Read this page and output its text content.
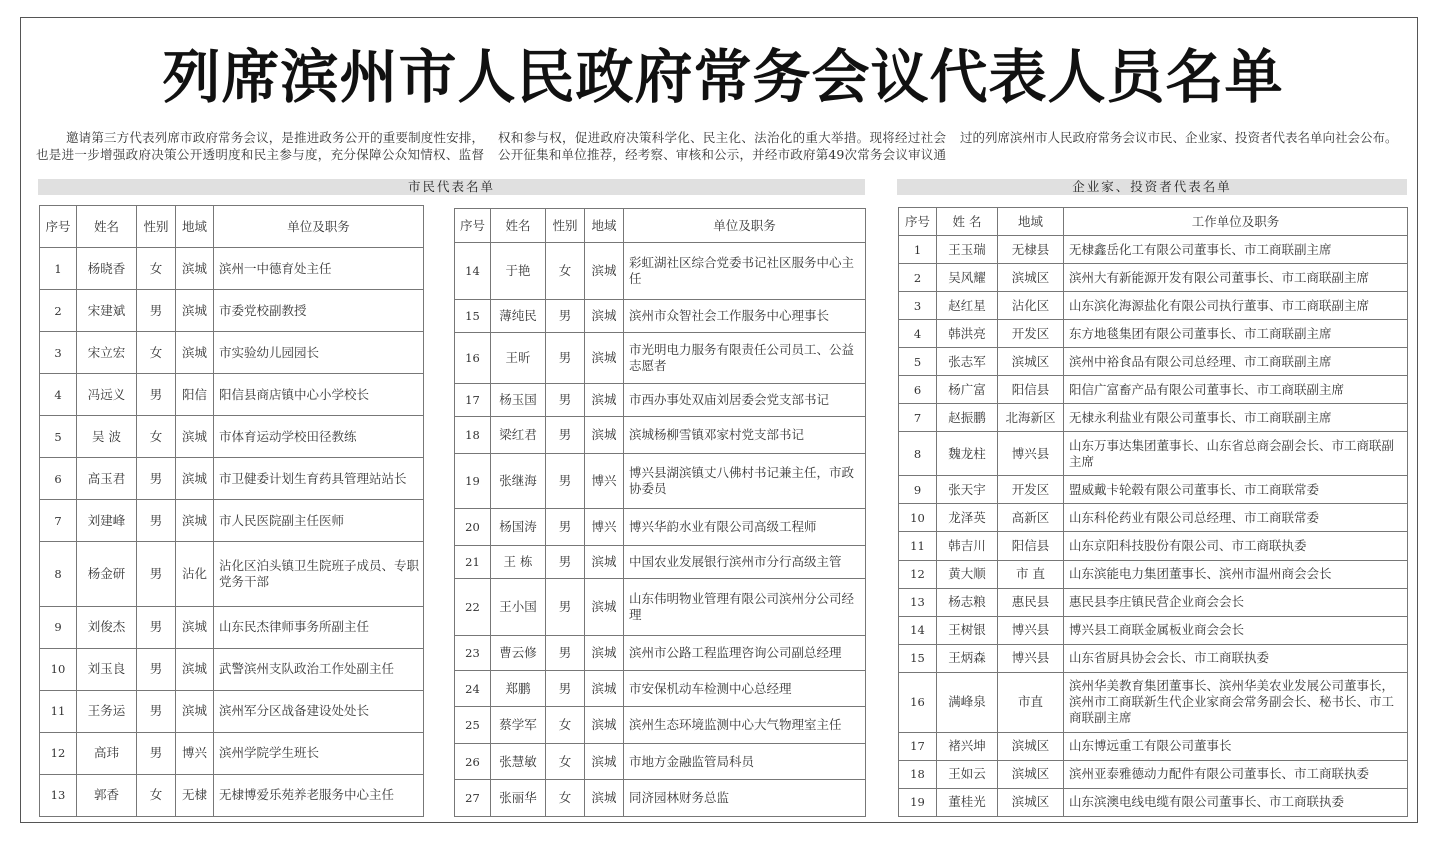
列席滨州市人民政府常务会议代表人员名单

邀请第三方代表列席市政府常务会议，是推进政务公开的重要制度性安排，也是进一步增强政府决策公开透明度和民主参与度，充分保障公众知情权、监督权和参与权，促进政府决策科学化、民主化、法治化的重大举措。现将经过社会公开征集和单位推荐，经考察、审核和公示，并经市政府第49次常务会议审议通过的列席滨州市人民政府常务会议市民、企业家、投资者代表名单向社会公布。

市民代表名单	企业家、投资者代表名单
序号	姓名	性别	地域	单位及职务
1	杨晓香	女	滨城	滨州一中德育处主任
2	宋建斌	男	滨城	市委党校副教授
3	宋立宏	女	滨城	市实验幼儿园园长
4	冯远义	男	阳信	阳信县商店镇中心小学校长
5	吴 波	女	滨城	市体育运动学校田径教练
6	高玉君	男	滨城	市卫健委计划生育药具管理站站长
7	刘建峰	男	滨城	市人民医院副主任医师
8	杨金研	男	沾化	沾化区泊头镇卫生院班子成员、专职党务干部
9	刘俊杰	男	滨城	山东民杰律师事务所副主任
10	刘玉良	男	滨城	武警滨州支队政治工作处副主任
11	王务运	男	滨城	滨州军分区战备建设处处长
12	高玮	男	博兴	滨州学院学生班长
13	郭香	女	无棣	无棣博爱乐苑养老服务中心主任
序号	姓名	性别	地域	单位及职务
14	于艳	女	滨城	彩虹湖社区综合党委书记社区服务中心主任
15	薄纯民	男	滨城	滨州市众智社会工作服务中心理事长
16	王昕	男	滨城	市光明电力服务有限责任公司员工、公益志愿者
17	杨玉国	男	滨城	市西办事处双庙刘居委会党支部书记
18	梁红君	男	滨城	滨城杨柳雪镇邓家村党支部书记
19	张继海	男	博兴	博兴县湖滨镇丈八佛村书记兼主任，市政协委员
20	杨国涛	男	博兴	博兴华韵水业有限公司高级工程师
21	王 栋	男	滨城	中国农业发展银行滨州市分行高级主管
22	王小国	男	滨城	山东伟明物业管理有限公司滨州分公司经理
23	曹云修	男	滨城	滨州市公路工程监理咨询公司副总经理
24	郑鹏	男	滨城	市安保机动车检测中心总经理
25	蔡学军	女	滨城	滨州生态环境监测中心大气物理室主任
26	张慧敏	女	滨城	市地方金融监管局科员
27	张丽华	女	滨城	同济园林财务总监
序号	姓 名	地域	工作单位及职务
1	王玉瑞	无棣县	无棣鑫岳化工有限公司董事长、市工商联副主席
2	吴风耀	滨城区	滨州大有新能源开发有限公司董事长、市工商联副主席
3	赵红星	沾化区	山东滨化海源盐化有限公司执行董事、市工商联副主席
4	韩洪亮	开发区	东方地毯集团有限公司董事长、市工商联副主席
5	张志军	滨城区	滨州中裕食品有限公司总经理、市工商联副主席
6	杨广富	阳信县	阳信广富畜产品有限公司董事长、市工商联副主席
7	赵振鹏	北海新区	无棣永利盐业有限公司董事长、市工商联副主席
8	魏龙柱	博兴县	山东万事达集团董事长、山东省总商会副会长、市工商联副主席
9	张天宇	开发区	盟威戴卡轮毂有限公司董事长、市工商联常委
10	龙泽英	高新区	山东科伦药业有限公司总经理、市工商联常委
11	韩吉川	阳信县	山东京阳科技股份有限公司、市工商联执委
12	黄大顺	市 直	山东滨能电力集团董事长、滨州市温州商会会长
13	杨志粮	惠民县	惠民县李庄镇民营企业商会会长
14	王树银	博兴县	博兴县工商联金属板业商会会长
15	王炳森	博兴县	山东省厨具协会会长、市工商联执委
16	满峰泉	市直	滨州华美教育集团董事长、滨州华美农业发展公司董事长，滨州市工商联新生代企业家商会常务副会长、秘书长、市工商联副主席
17	褚兴坤	滨城区	山东博远重工有限公司董事长
18	王如云	滨城区	滨州亚泰雅德动力配件有限公司董事长、市工商联执委
19	董桂光	滨城区	山东滨澳电线电缆有限公司董事长、市工商联执委
